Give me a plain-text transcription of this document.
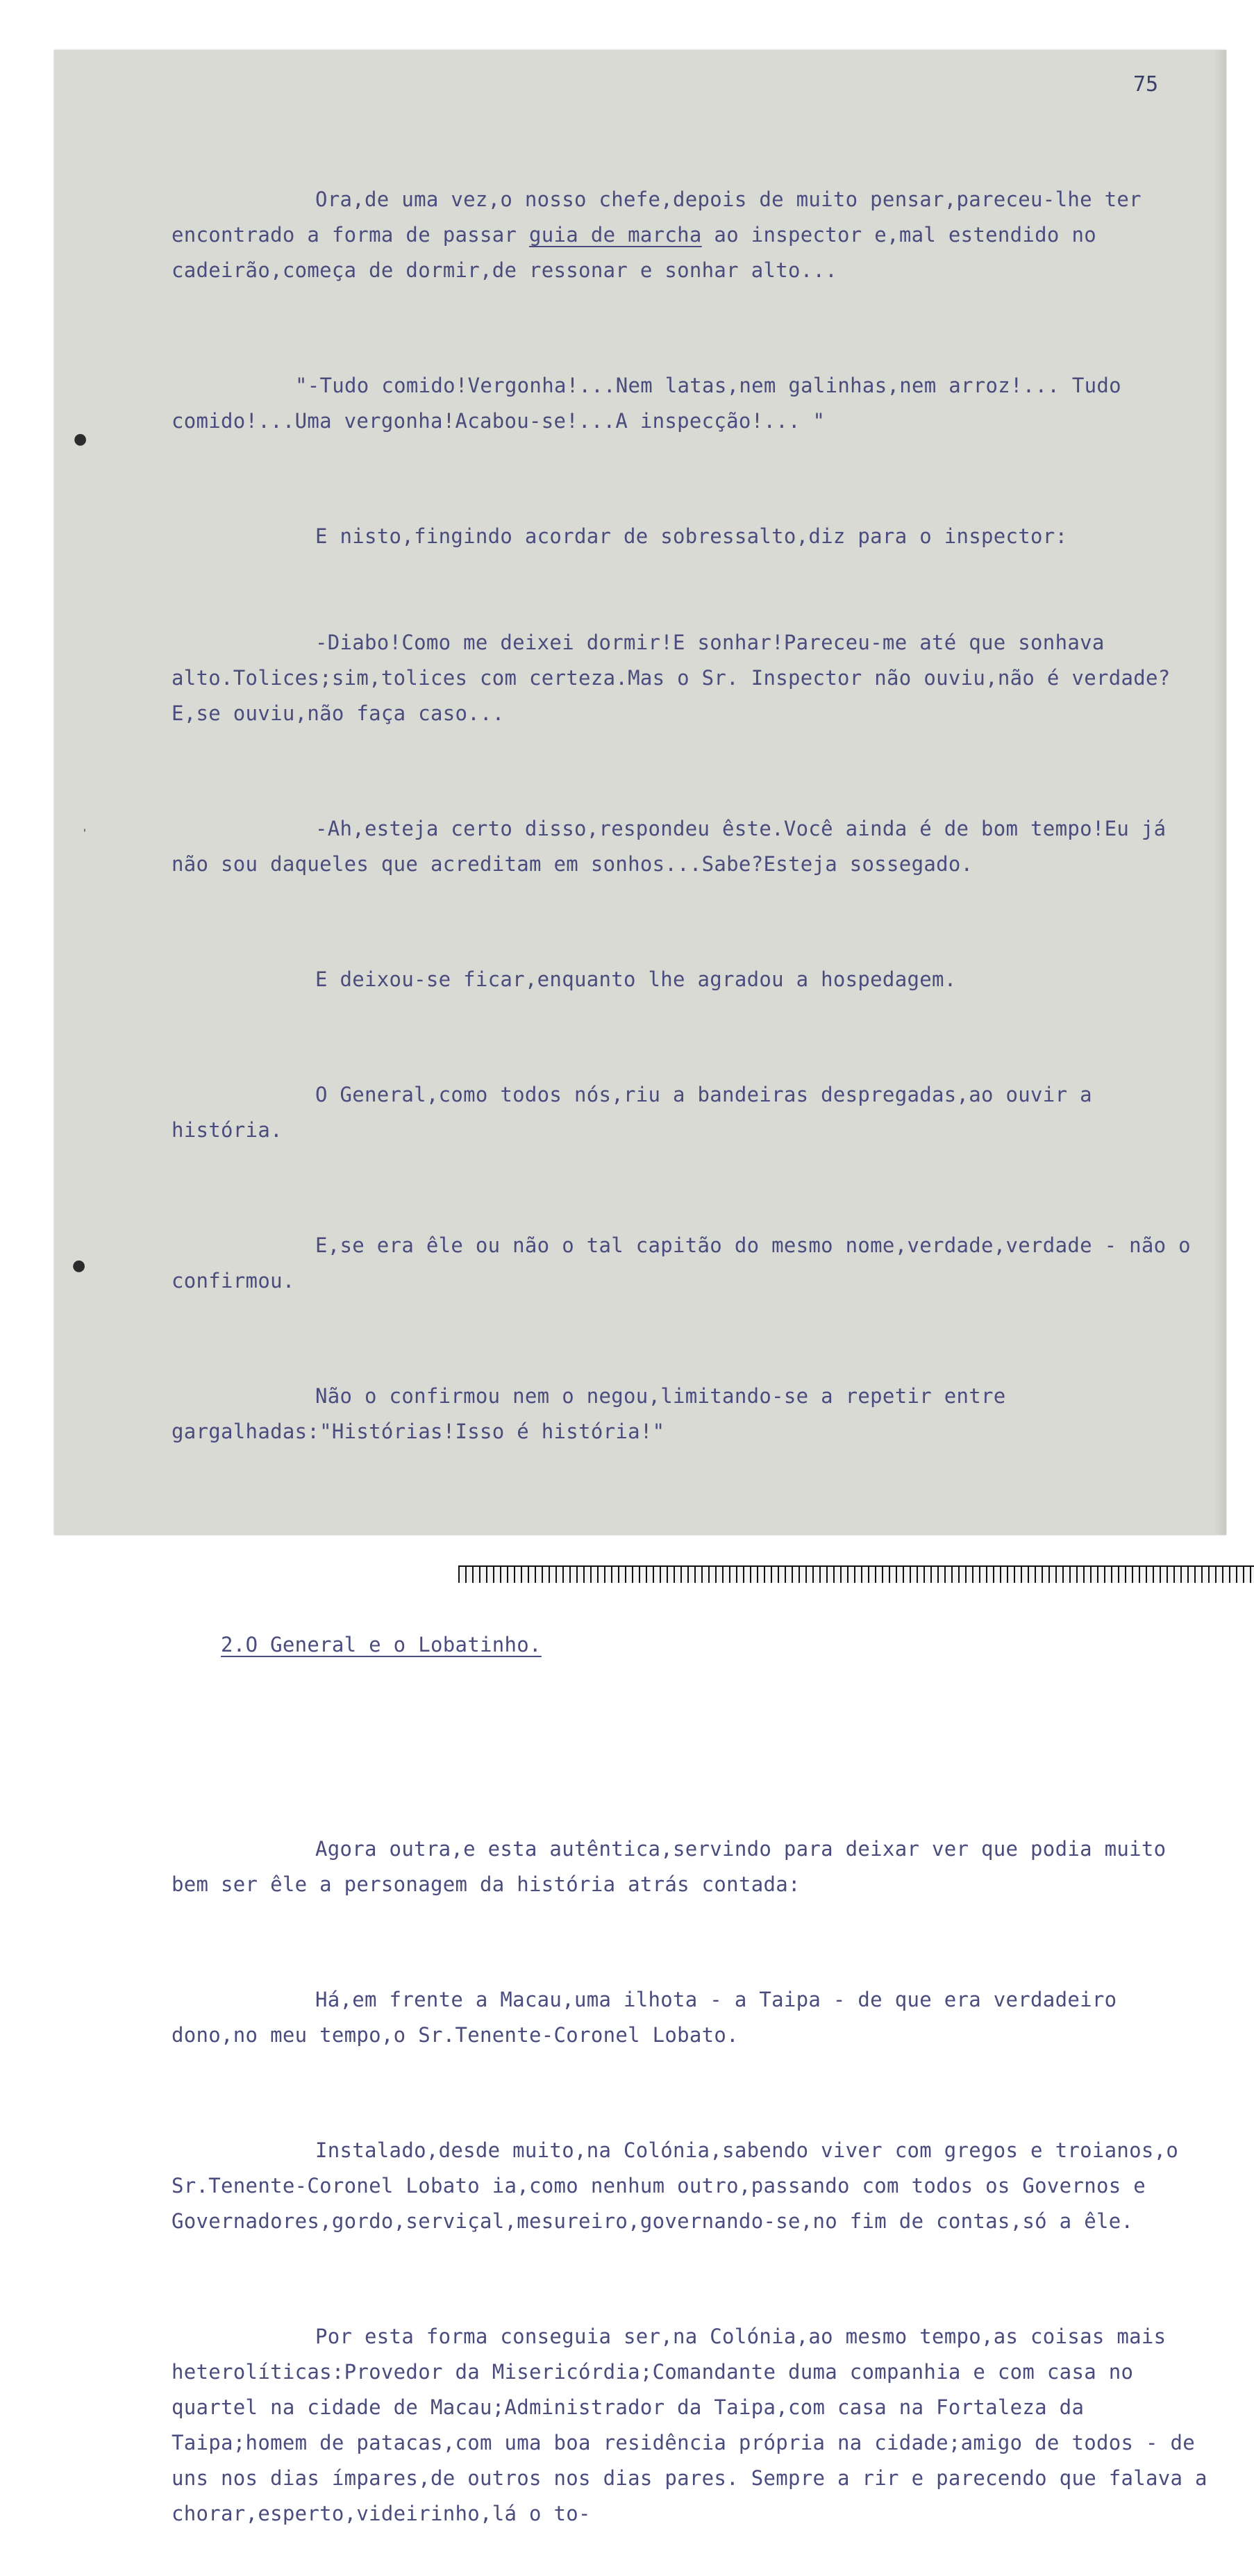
75
●
'
●

Ora,de uma vez,o nosso chefe,depois de muito pensar,pareceu-lhe ter encontrado a forma de passar guia de marcha ao inspector e,mal estendido no cadeirão,começa de dormir,de ressonar e sonhar alto...

"-Tudo comido!Vergonha!...Nem latas,nem galinhas,nem arroz!... Tudo comido!...Uma vergonha!Acabou-se!...A inspecção!... "

E nisto,fingindo acordar de sobressalto,diz para o inspector:

-Diabo!Como me deixei dormir!E sonhar!Pareceu-me até que sonhava alto.Tolices;sim,tolices com certeza.Mas o Sr. Inspector não ouviu,não é verdade?E,se ouviu,não faça caso...

-Ah,esteja certo disso,respondeu êste.Você ainda é de bom tempo!Eu já não sou daqueles que acreditam em sonhos...Sabe?Esteja sossegado.

E deixou-se ficar,enquanto lhe agradou a hospedagem.

O General,como todos nós,riu a bandeiras despregadas,ao ouvir a história.

E,se era êle ou não o tal capitão do mesmo nome,verdade,verdade - não o confirmou.

Não o confirmou nem o negou,limitando-se a repetir entre gargalhadas:"Histórias!Isso é história!"

2.O General e o Lobatinho.

Agora outra,e esta autêntica,servindo para deixar ver que podia muito bem ser êle a personagem da história atrás contada:

Há,em frente a Macau,uma ilhota - a Taipa - de que era verdadeiro dono,no meu tempo,o Sr.Tenente-Coronel Lobato.

Instalado,desde muito,na Colónia,sabendo viver com gregos e troianos,o Sr.Tenente-Coronel Lobato ia,como nenhum outro,passando com todos os Governos e Governadores,gordo,serviçal,mesureiro,governando-se,no fim de contas,só a êle.

Por esta forma conseguia ser,na Colónia,ao mesmo tempo,as coisas mais heterolíticas:Provedor da Misericórdia;Comandante duma companhia e com casa no quartel na cidade de Macau;Administrador da Taipa,com casa na Fortaleza da Taipa;homem de patacas,com uma boa residência própria na cidade;amigo de todos - de uns nos dias ímpares,de outros nos dias pares. Sempre a rir e parecendo que falava a chorar,esperto,videirinho,lá o to-
